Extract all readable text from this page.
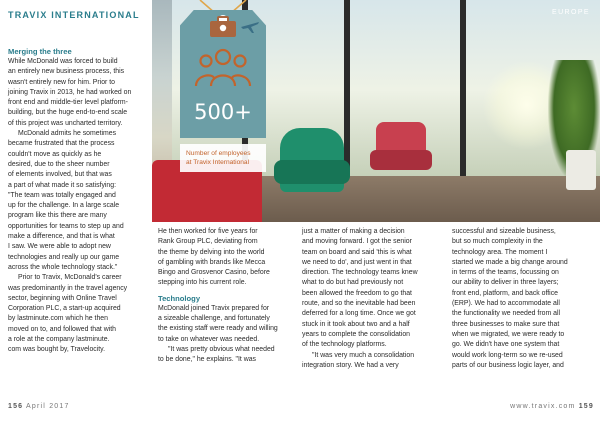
EUROPE
TRAVIX INTERNATIONAL
500+
Number of employees
at Travix International
Merging the three

While McDonald was forced to build

an entirely new business process, this

wasn't entirely new for him. Prior to

joining Travix in 2013, he had worked on

front end and middle-tier level platform-

building, but the huge end-to-end scale

of this project was uncharted territory.

McDonald admits he sometimes

became frustrated that the process

couldn't move as quickly as he

desired, due to the sheer number

of elements involved, but that was

a part of what made it so satisfying:

"The team was totally engaged and

up for the challenge. In a large scale

program like this there are many

opportunities for teams to step up and

make a difference, and that is what

I saw. We were able to adopt new

technologies and really up our game

across the whole technology stack."

Prior to Travix, McDonald's career

was predominantly in the travel agency

sector, beginning with Online Travel

Corporation PLC, a start-up acquired

by lastminute.com which he then

moved on to, and followed that with

a role at the company lastminute.

com was bought by, Travelocity.

He then worked for five years for

Rank Group PLC, deviating from

the theme by delving into the world

of gambling with brands like Mecca

Bingo and Grosvenor Casino, before

stepping into his current role.

Technology

McDonald joined Travix prepared for

a sizeable challenge, and fortunately

the existing staff were ready and willing

to take on whatever was needed.

"It was pretty obvious what needed

to be done," he explains. "It was

just a matter of making a decision

and moving forward. I got the senior

team on board and said 'this is what

we need to do', and just went in that

direction. The technology teams knew

what to do but had previously not

been allowed the freedom to go that

route, and so the inevitable had been

deferred for a long time. Once we got

stuck in it took about two and a half

years to complete the consolidation

of the technology platforms.

"It was very much a consolidation

integration story. We had a very

successful and sizeable business,

but so much complexity in the

technology area. The moment I

started we made a big change around

in terms of the teams, focussing on

our ability to deliver in three layers;

front end, platform, and back office

(ERP). We had to accommodate all

the functionality we needed from all

three businesses to make sure that

when we migrated, we were ready to

go. We didn't have one system that

would work long-term so we re-used

parts of our business logic layer, and

156 April 2017	www.travix.com 159
